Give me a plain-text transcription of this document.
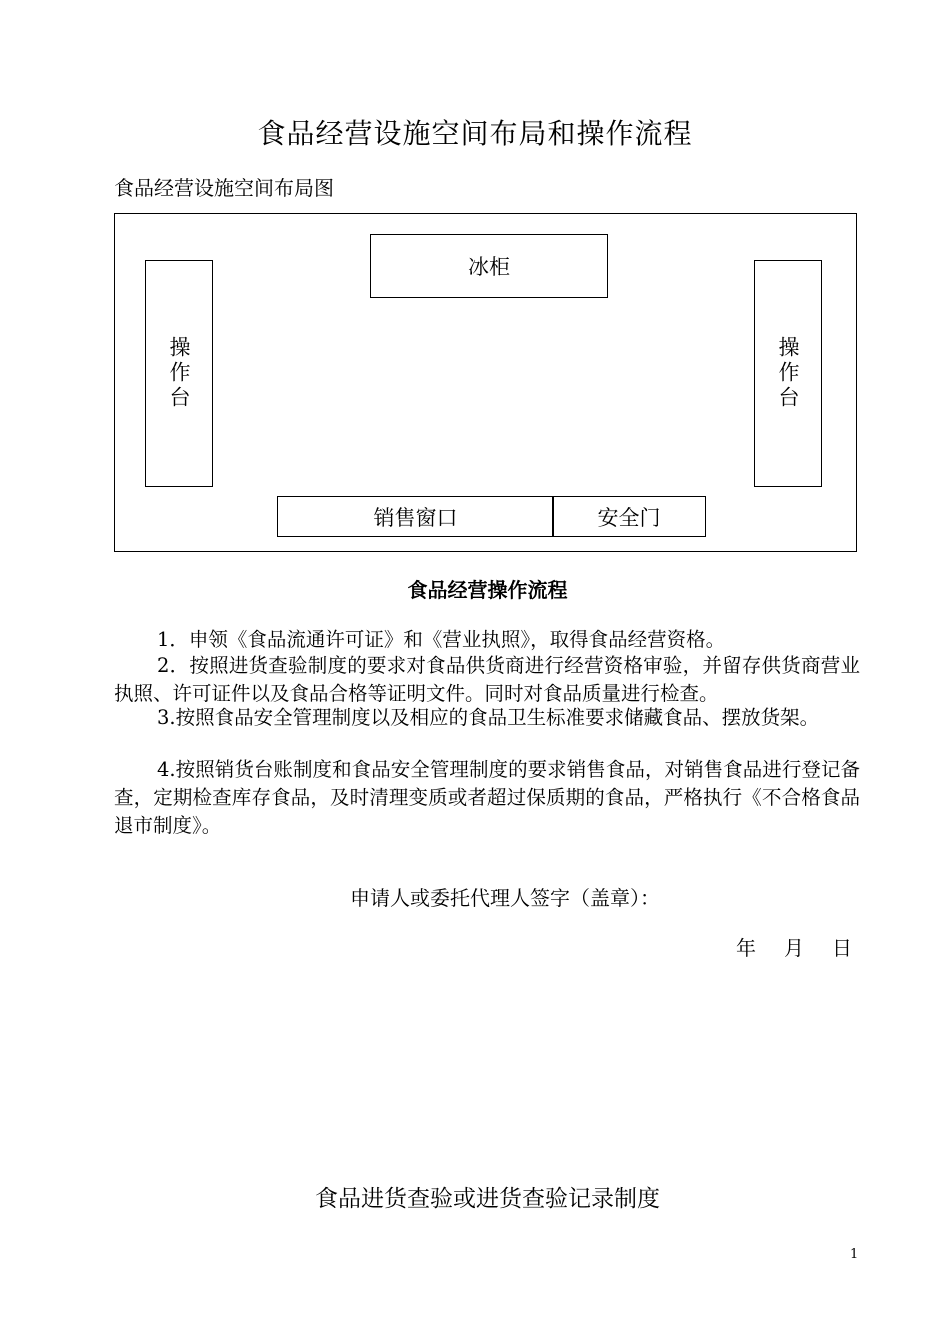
食品经营设施空间布局和操作流程
食品经营设施空间布局图
操作台
冰柜
操作台
销售窗口	安全门
食品经营操作流程
1．申领《食品流通许可证》和《营业执照》，取得食品经营资格。
2．按照进货查验制度的要求对食品供货商进行经营资格审验，并留存供货商营业执照、许可证件以及食品合格等证明文件。同时对食品质量进行检查。
3.按照食品安全管理制度以及相应的食品卫生标准要求储藏食品、摆放货架。
4.按照销货台账制度和食品安全管理制度的要求销售食品，对销售食品进行登记备查，定期检查库存食品，及时清理变质或者超过保质期的食品，严格执行《不合格食品退市制度》。
申请人或委托代理人签字（盖章）：
年 月 日
食品进货查验或进货查验记录制度
1
